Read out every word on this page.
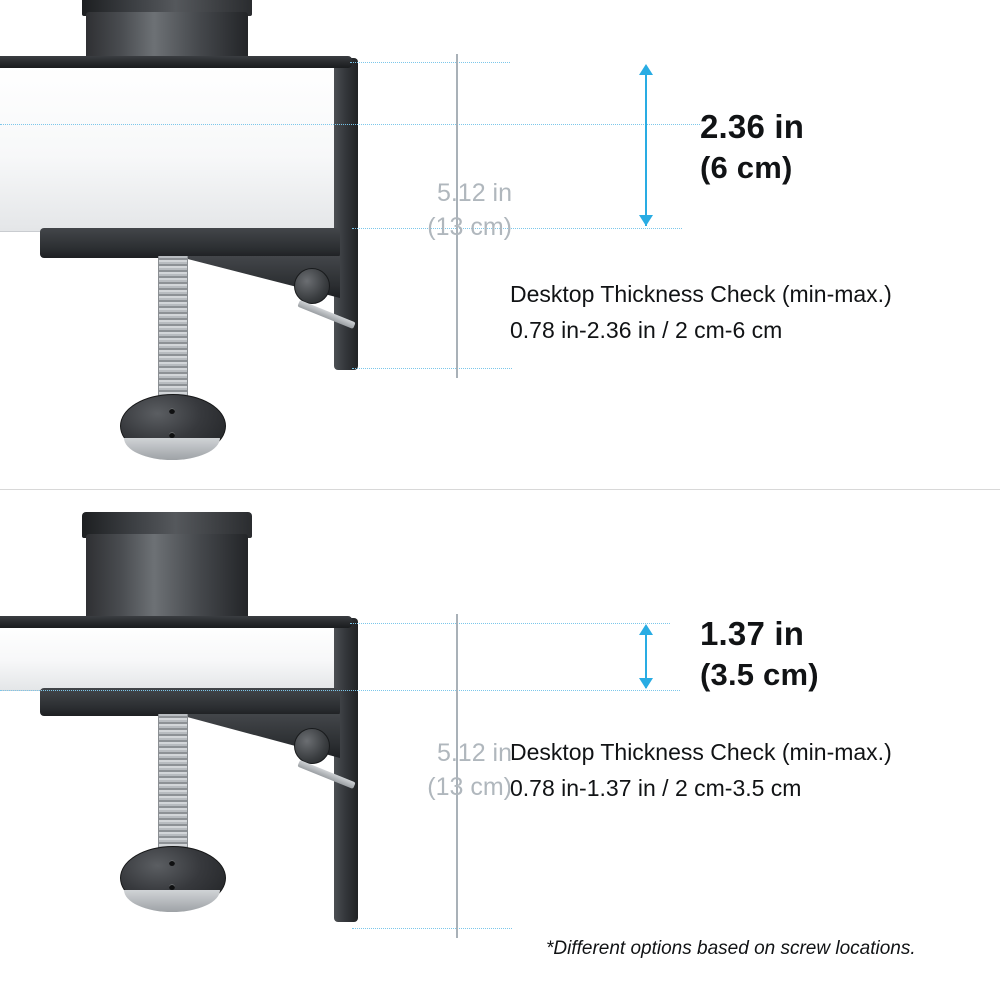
5.12 in
(13 cm)
2.36 in
(6 cm)
Desktop Thickness Check (min-max.)
0.78 in-2.36 in / 2 cm-6 cm
5.12 in
(13 cm)
1.37 in
(3.5 cm)
Desktop Thickness Check (min-max.)
0.78 in-1.37 in / 2 cm-3.5 cm
*Different options based on screw locations.
